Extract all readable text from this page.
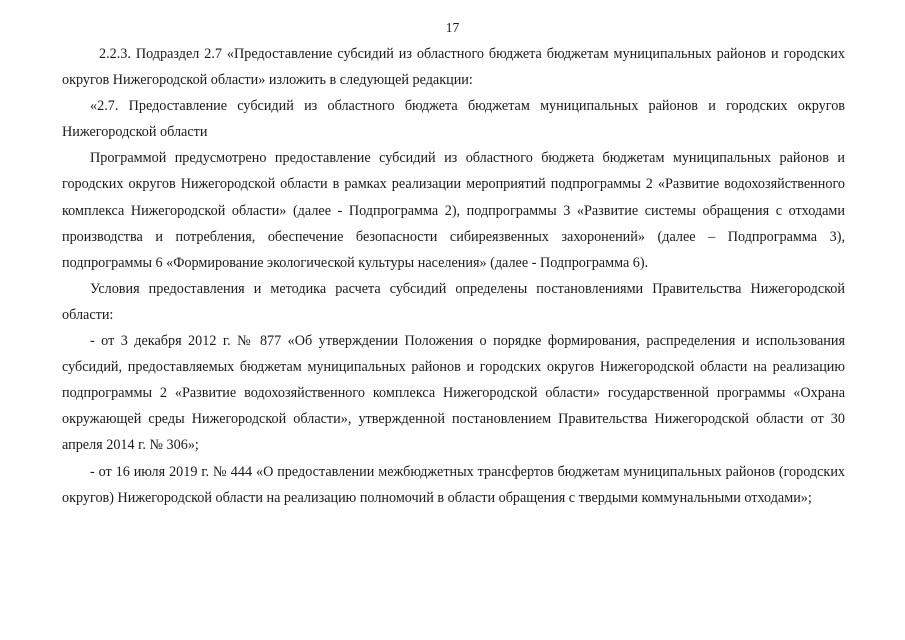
17

2.2.3. Подраздел 2.7 «Предоставление субсидий из областного бюджета бюджетам муниципальных районов и городских округов Нижегородской области» изложить в следующей редакции:

«2.7. Предоставление субсидий из областного бюджета бюджетам муниципальных районов и городских округов Нижегородской области

Программой предусмотрено предоставление субсидий из областного бюджета бюджетам муниципальных районов и городских округов Нижегородской области в рамках реализации мероприятий подпрограммы 2 «Развитие водохозяйственного комплекса Нижегородской области» (далее - Подпрограмма 2), подпрограммы 3 «Развитие системы обращения с отходами производства и потребления, обеспечение безопасности сибиреязвенных захоронений» (далее – Подпрограмма 3), подпрограммы 6 «Формирование экологической культуры населения» (далее - Подпрограмма 6).

Условия предоставления и методика расчета субсидий определены постановлениями Правительства Нижегородской области:

- от 3 декабря 2012 г. № 877 «Об утверждении Положения о порядке формирования, распределения и использования субсидий, предоставляемых бюджетам муниципальных районов и городских округов Нижегородской области на реализацию подпрограммы 2 «Развитие водохозяйственного комплекса Нижегородской области» государственной программы «Охрана окружающей среды Нижегородской области», утвержденной постановлением Правительства Нижегородской области от 30 апреля 2014 г. № 306»;

- от 16 июля 2019 г. № 444 «О предоставлении межбюджетных трансфертов бюджетам муниципальных районов (городских округов) Нижегородской области на реализацию полномочий в области обращения с твердыми коммунальными отходами»;
